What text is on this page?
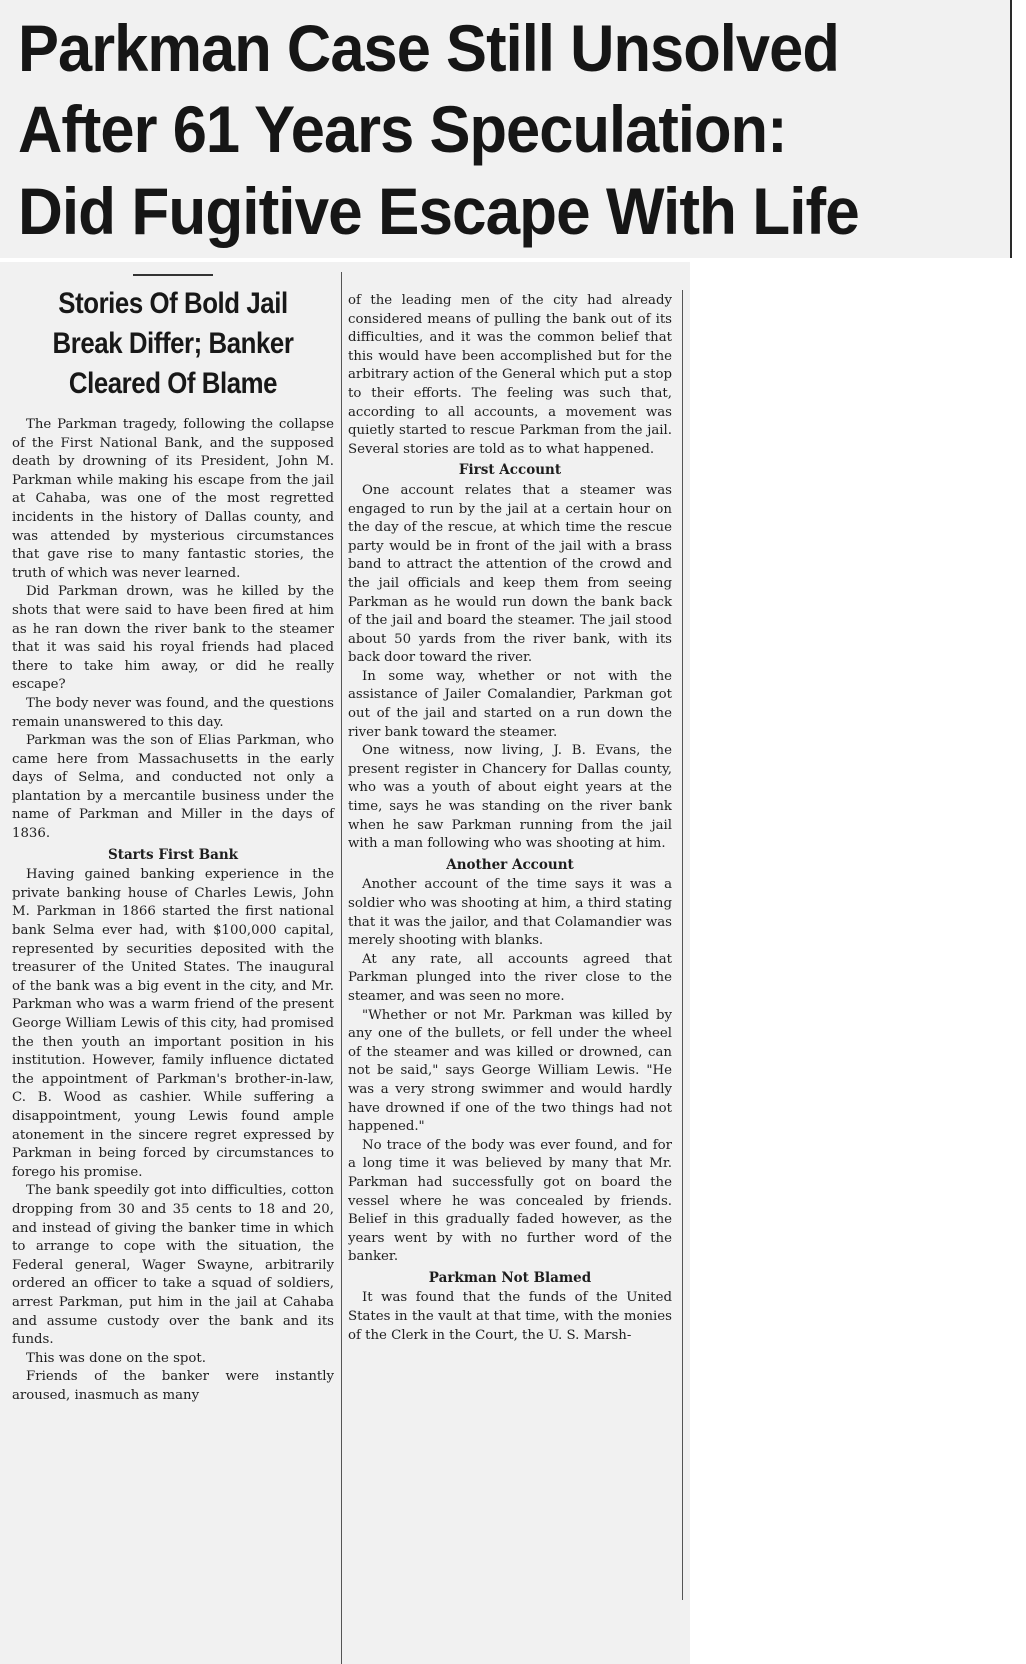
Parkman Case Still Unsolved
After 61 Years Speculation:
Did Fugitive Escape With Life
Stories Of Bold Jail Break Differ; Banker Cleared Of Blame

The Parkman tragedy, following the collapse of the First National Bank, and the supposed death by drowning of its President, John M. Parkman while making his escape from the jail at Cahaba, was one of the most regretted incidents in the history of Dallas county, and was attended by mysterious circumstances that gave rise to many fantastic stories, the truth of which was never learned.

Did Parkman drown, was he killed by the shots that were said to have been fired at him as he ran down the river bank to the steamer that it was said his royal friends had placed there to take him away, or did he really escape?

The body never was found, and the questions remain unanswered to this day.

Parkman was the son of Elias Parkman, who came here from Massachusetts in the early days of Selma, and conducted not only a plantation by a mercantile business under the name of Parkman and Miller in the days of 1836.

Starts First Bank

Having gained banking experience in the private banking house of Charles Lewis, John M. Parkman in 1866 started the first national bank Selma ever had, with $100,000 capital, represented by securities deposited with the treasurer of the United States. The inaugural of the bank was a big event in the city, and Mr. Parkman who was a warm friend of the present George William Lewis of this city, had promised the then youth an important position in his institution. However, family influence dictated the appointment of Parkman's brother-in-law, C. B. Wood as cashier. While suffering a disappointment, young Lewis found ample atonement in the sincere regret expressed by Parkman in being forced by circumstances to forego his promise.

The bank speedily got into difficulties, cotton dropping from 30 and 35 cents to 18 and 20, and instead of giving the banker time in which to arrange to cope with the situation, the Federal general, Wager Swayne, arbitrarily ordered an officer to take a squad of soldiers, arrest Parkman, put him in the jail at Cahaba and assume custody over the bank and its funds.

This was done on the spot.

Friends of the banker were instantly aroused, inasmuch as many

of the leading men of the city had already considered means of pulling the bank out of its difficulties, and it was the common belief that this would have been accomplished but for the arbitrary action of the General which put a stop to their efforts. The feeling was such that, according to all accounts, a movement was quietly started to rescue Parkman from the jail. Several stories are told as to what happened.

First Account

One account relates that a steamer was engaged to run by the jail at a certain hour on the day of the rescue, at which time the rescue party would be in front of the jail with a brass band to attract the attention of the crowd and the jail officials and keep them from seeing Parkman as he would run down the bank back of the jail and board the steamer. The jail stood about 50 yards from the river bank, with its back door toward the river.

In some way, whether or not with the assistance of Jailer Comalandier, Parkman got out of the jail and started on a run down the river bank toward the steamer.

One witness, now living, J. B. Evans, the present register in Chancery for Dallas county, who was a youth of about eight years at the time, says he was standing on the river bank when he saw Parkman running from the jail with a man following who was shooting at him.

Another Account

Another account of the time says it was a soldier who was shooting at him, a third stating that it was the jailor, and that Colamandier was merely shooting with blanks.

At any rate, all accounts agreed that Parkman plunged into the river close to the steamer, and was seen no more.

"Whether or not Mr. Parkman was killed by any one of the bullets, or fell under the wheel of the steamer and was killed or drowned, can not be said," says George William Lewis. "He was a very strong swimmer and would hardly have drowned if one of the two things had not happened."

No trace of the body was ever found, and for a long time it was believed by many that Mr. Parkman had successfully got on board the vessel where he was concealed by friends. Belief in this gradually faded however, as the years went by with no further word of the banker.

Parkman Not Blamed

It was found that the funds of the United States in the vault at that time, with the monies of the Clerk in the Court, the U. S. Marsh-
